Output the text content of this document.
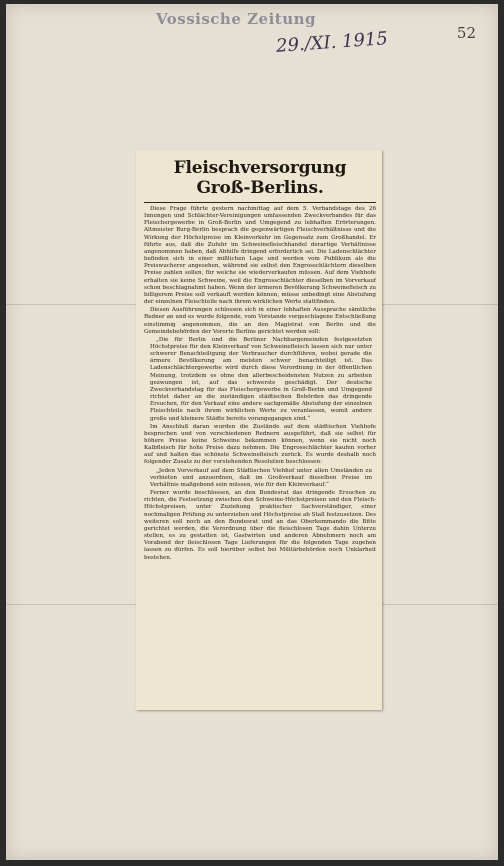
Vossische Zeitung
29./XI. 1915	52
Fleischversorgung Groß-Berlins.

Diese Frage führte gestern nachmittag auf dem 5. Verbandstage des 26 Innungen und Schlächter-Vereinigungen umfassenden Zweckverbandes für das Fleischergewerbe in Groß-Berlin und Umgegend zu lebhaften Erörterungen. Altmeister Burg-Berlin besprach die gegenwärtigen Fleischverhältnisse und die Wirkung der Höchstpreise im Kleinverkehr im Gegensatz zum Großhandel. Er führte aus, daß die Zufuhr im Schweinefleischhandel derartige Verhältnisse angenommen haben, daß Abhilfe dringend erforderlich sei. Die Ladenschlächter befinden sich in einer mißlichen Lage und werden vom Publikum als die Preiswucherer angesehen, während sie selbst den Engrosschlächtern dieselben Preise zahlen sollen, für welche sie wiederverkaufen müssen. Auf dem Viehhofe erhalten sie keine Schweine, weil die Engrosschlächter dieselben im Vorverkauf schon beschlagnahmt haben. Wenn der ärmeren Bevölkerung Schweinefleisch zu billigerem Preise soll verkauft werden können, müsse unbedingt eine Abstufung der einzelnen Fleischteile nach ihrem wirklichen Werte stattfinden.

Diesen Ausführungen schlossen sich in einer lebhaften Aussprache sämtliche Redner an und es wurde folgende, vom Vorstande vorgeschlagene Entschließung einstimmig angenommen, die an den Magistrat von Berlin und die Gemeindebehörden der Vororte Berlins gerichtet werden soll:

„Die für Berlin und die Berliner Nachbargemeinden festgesetzten Höchstpreise für den Kleinverkauf von Schweinefleisch lassen sich nur unter schwerer Benachteiligung der Verbraucher durchführen, wobei gerade die ärmere Bevölkerung am meisten schwer benachteiligt ist. Das Ladenschlächtergewerbe wird durch diese Verordnung in der öffentlichen Meinung, trotzdem es ohne den allerbescheidensten Nutzen zu arbeiten gezwungen ist, auf das schwerste geschädigt. Der deutsche Zweckverbandstag für das Fleischergewerbe in Groß-Berlin und Umgegend richtet daher an die zuständigen städtischen Behörden das dringende Ersuchen, für den Verkauf eine andere sachgemäße Abstufung der einzelnen Fleischteile nach ihrem wirklichen Werte zu veranlassen, womit andere große und kleinere Städte bereits vorangegangen sind.“

Im Anschluß daran wurden die Zustände auf dem städtischen Viehhofe besprochen und von verschiedenen Rednern ausgeführt, daß sie selbst für höhere Preise keine Schweine bekommen können, wenn sie nicht noch Kalbfleisch für hohe Preise dazu nehmen. Die Engrosschlächter kaufen vorher auf und halten das schönste Schweinefleisch zurück. Es wurde deshalb noch folgender Zusatz zu der vorstehenden Resolution beschlossen:

„Jeden Vorverkauf auf dem Städtischen Viehhof unter allen Umständen zu verbieten und anzuordnen, daß im Großverkauf dieselben Preise im Verhältnis maßgebend sein müssen, wie für den Kleinverkauf.“

Ferner wurde beschlossen, an den Bundesrat das dringende Ersuchen zu richten, die Festsetzung zwischen den Schweine-Höchstpreisen und den Fleisch-Höchstpreisen, unter Zuziehung praktischer Sachverständiger, einer nochmaligen Prüfung zu unterziehen und Höchstpreise ab Stall festzusetzen. Des weiteren soll noch an den Bundesrat und an das Oberkommando die Bitte gerichtet werden, die Verordnung über die fleischlosen Tage dahin Unterzu stellen, es zu gestatten ist, Gastwirten und anderen Abnehmern noch am Vorabend der fleischlosen Tage Lieferungen für die folgenden Tage zugehen lassen zu dürfen. Es soll hierüber selbst bei Militärbehörden noch Unklarheit bestehen.
